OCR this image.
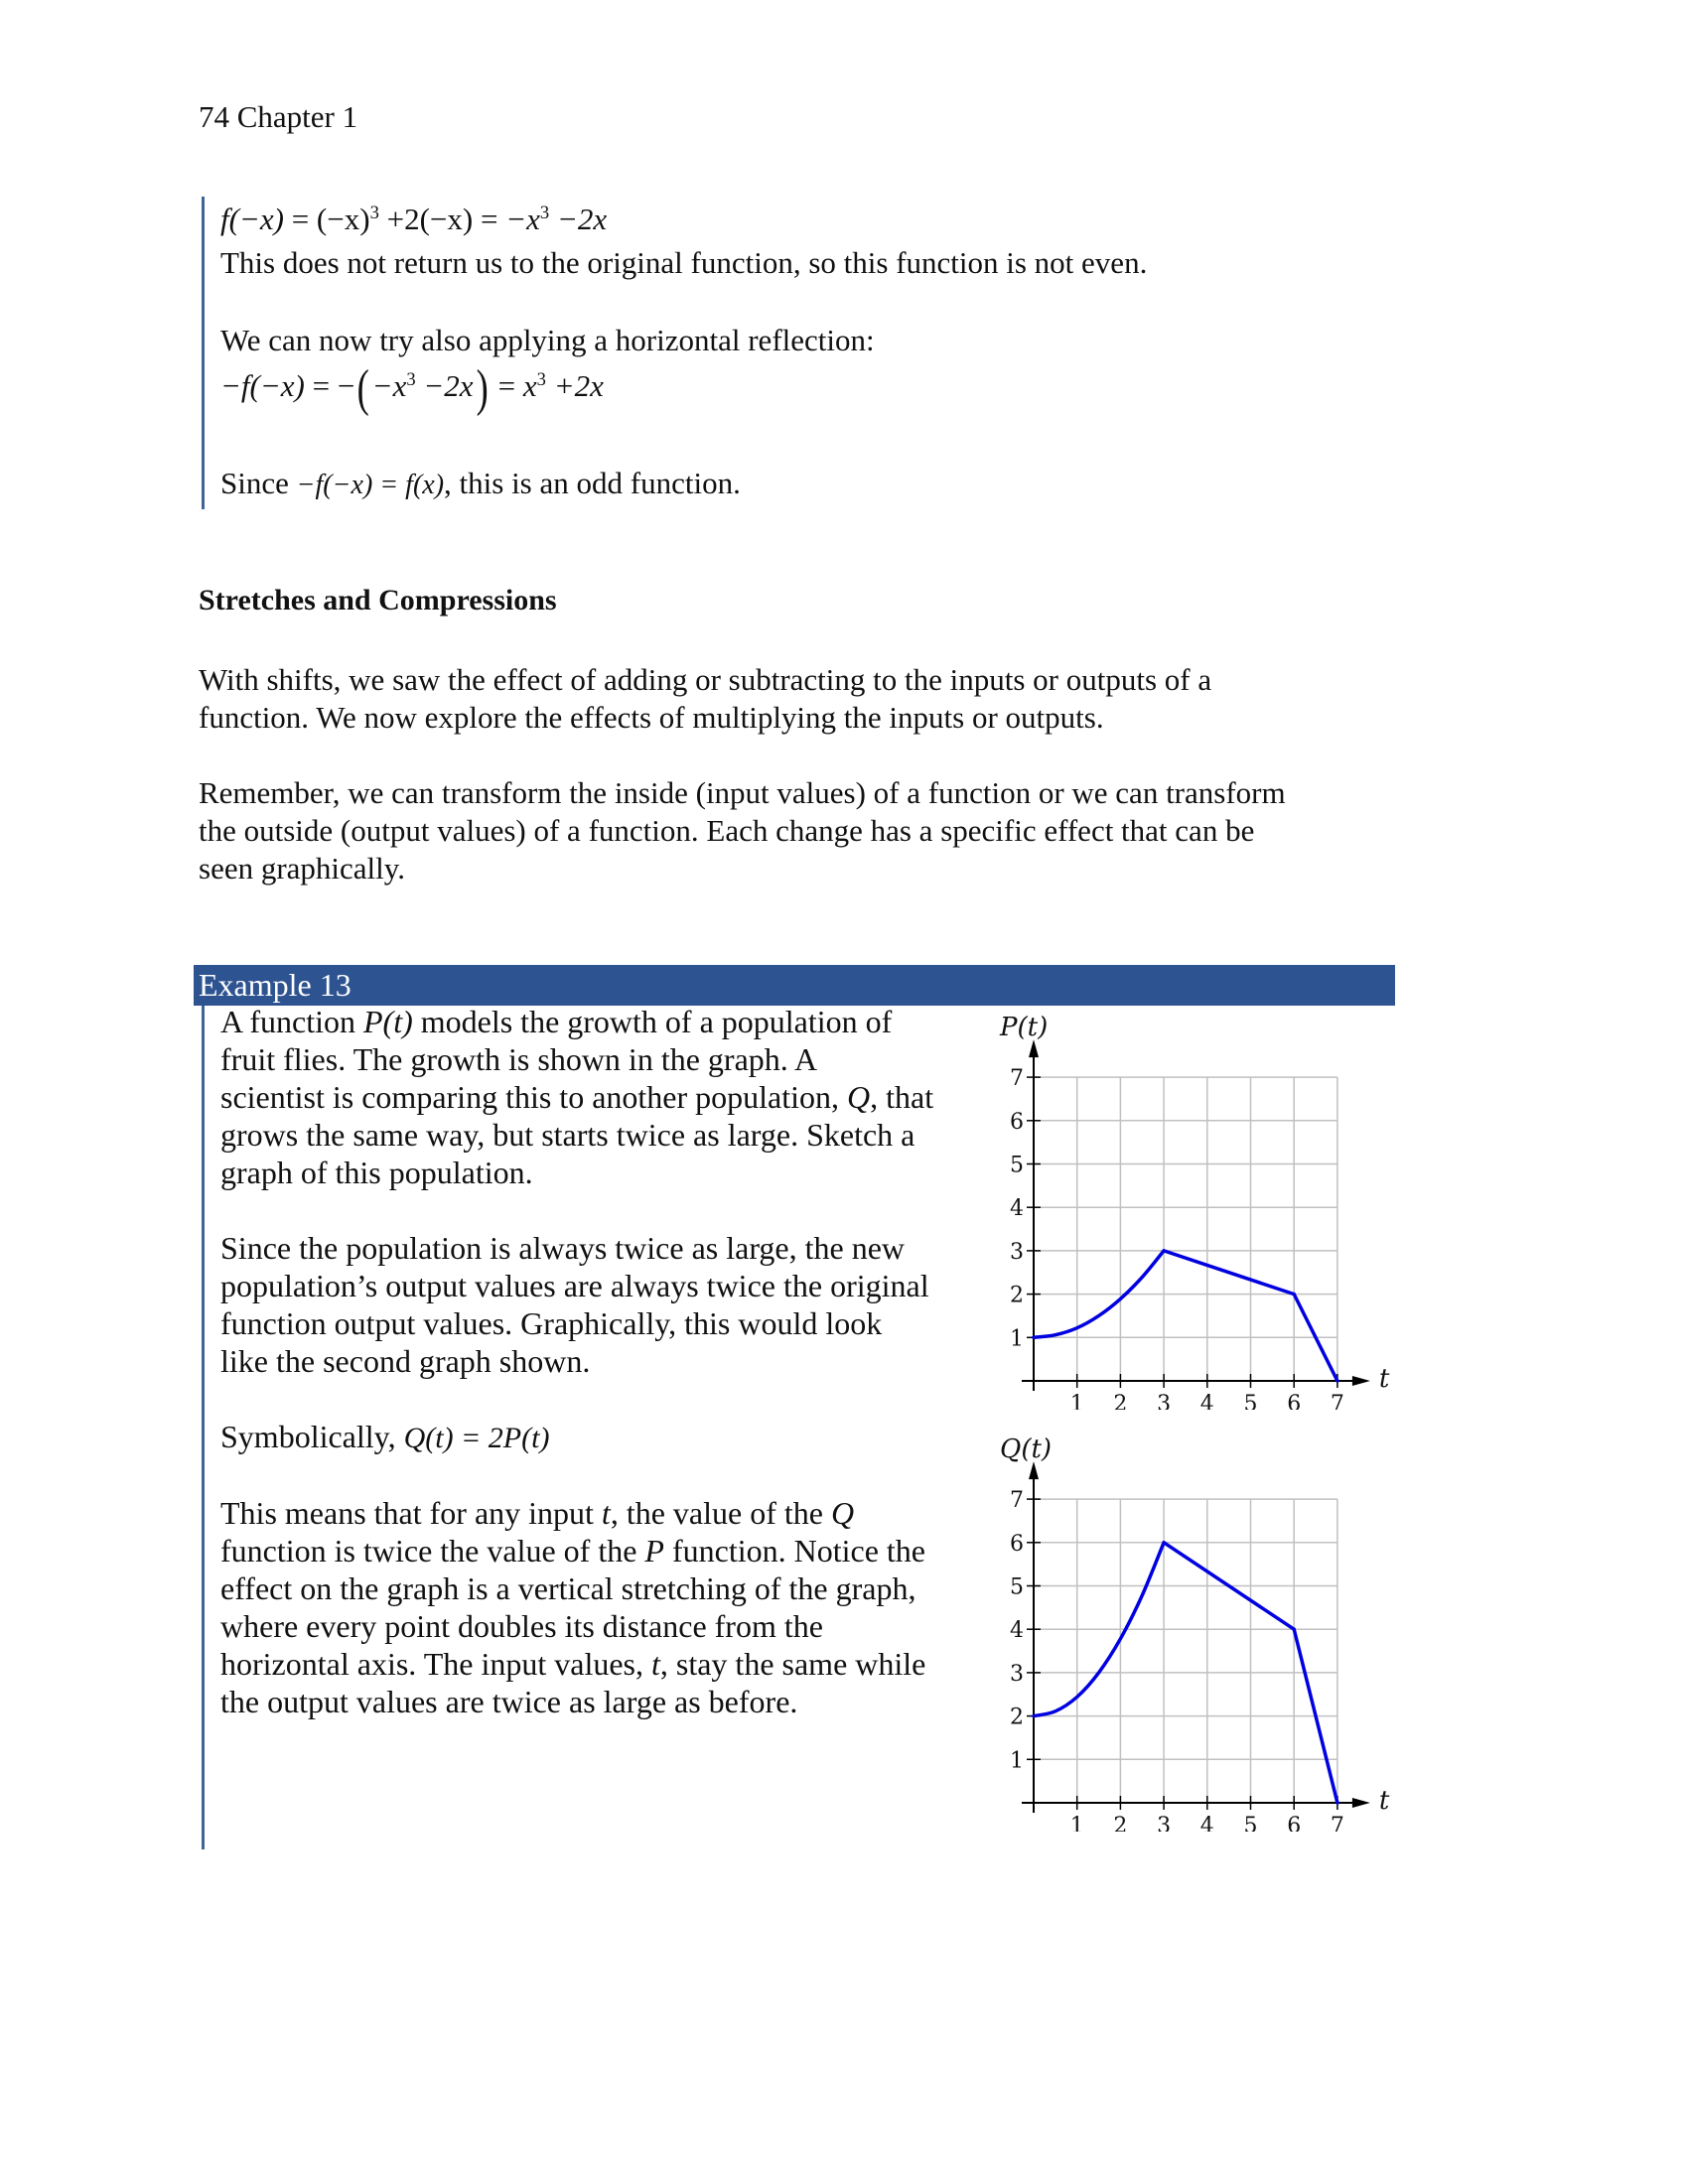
74 Chapter 1
$f(-x) = (-x)^3 +2(-x) = -x^3 -2x$
This does not return us to the original function, so this function is not even.
We can now try also applying a horizontal reflection:
$-f(-x) = -(-x^3 -2x) = x^3 +2x$
Since −f(−x) = f(x), this is an odd function.
Stretches and Compressions
With shifts, we saw the effect of adding or subtracting to the inputs or outputs of a
function. We now explore the effects of multiplying the inputs or outputs.
Remember, we can transform the inside (input values) of a function or we can transform
the outside (output values) of a function. Each change has a specific effect that can be
seen graphically.
Example 13
A function P(t) models the growth of a population of
fruit flies. The growth is shown in the graph. A
scientist is comparing this to another population, Q, that
grows the same way, but starts twice as large. Sketch a
graph of this population.
Since the population is always twice as large, the new
population’s output values are always twice the original
function output values. Graphically, this would look
like the second graph shown.
Symbolically, Q(t) = 2P(t)
This means that for any input t, the value of the Q
function is twice the value of the P function. Notice the
effect on the graph is a vertical stretching of the graph,
where every point doubles its distance from the
horizontal axis. The input values, t, stay the same while
the output values are twice as large as before.
1 2 3 4 5 6 7
1
2
3
4
5
6
7
P(t)
t
1 2 3 4 5 6 7
1
2
3
4
5
6
7
Q(t)
t
